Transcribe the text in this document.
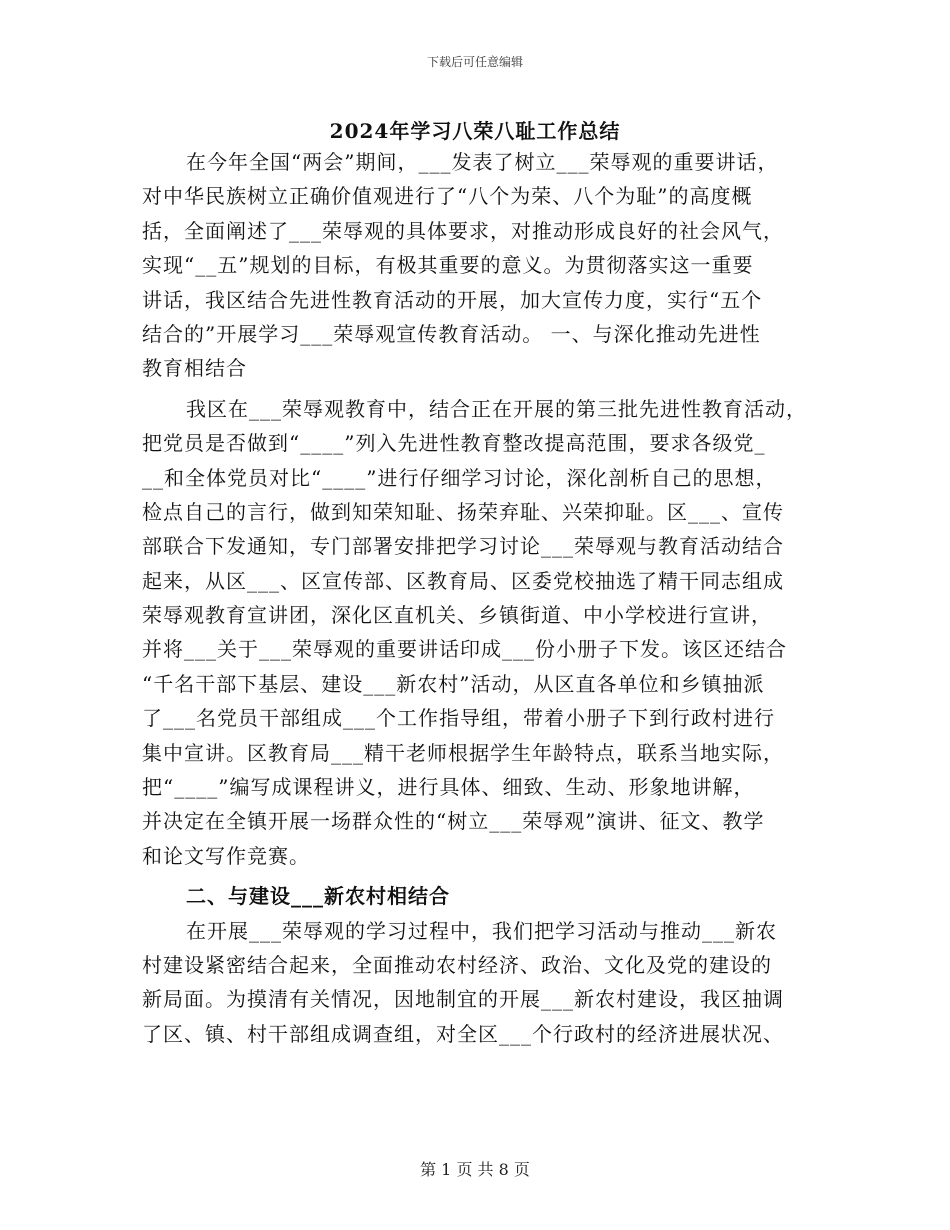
下载后可任意编辑
2024年学习八荣八耻工作总结
在今年全国“两会”期间，___发表了树立___荣辱观的重要讲话，
对中华民族树立正确价值观进行了“八个为荣、八个为耻”的高度概
括，全面阐述了___荣辱观的具体要求，对推动形成良好的社会风气，
实现“__五”规划的目标，有极其重要的意义。为贯彻落实这一重要
讲话，我区结合先进性教育活动的开展，加大宣传力度，实行“五个
结合的”开展学习___荣辱观宣传教育活动。 一、与深化推动先进性
教育相结合
我区在___荣辱观教育中，结合正在开展的第三批先进性教育活动，
把党员是否做到“____”列入先进性教育整改提高范围，要求各级党_
__和全体党员对比“____”进行仔细学习讨论，深化剖析自己的思想，
检点自己的言行，做到知荣知耻、扬荣弃耻、兴荣抑耻。区___、宣传
部联合下发通知，专门部署安排把学习讨论___荣辱观与教育活动结合
起来，从区___、区宣传部、区教育局、区委党校抽选了精干同志组成
荣辱观教育宣讲团，深化区直机关、乡镇街道、中小学校进行宣讲，
并将___关于___荣辱观的重要讲话印成___份小册子下发。该区还结合
“千名干部下基层、建设___新农村”活动，从区直各单位和乡镇抽派
了___名党员干部组成___个工作指导组，带着小册子下到行政村进行
集中宣讲。区教育局___精干老师根据学生年龄特点，联系当地实际，
把“____”编写成课程讲义，进行具体、细致、生动、形象地讲解，
并决定在全镇开展一场群众性的“树立___荣辱观”演讲、征文、教学
和论文写作竞赛。
二、与建设___新农村相结合
在开展___荣辱观的学习过程中，我们把学习活动与推动___新农
村建设紧密结合起来，全面推动农村经济、政治、文化及党的建设的
新局面。为摸清有关情况，因地制宜的开展___新农村建设，我区抽调
了区、镇、村干部组成调查组，对全区___个行政村的经济进展状况、
第 1 页 共 8 页
